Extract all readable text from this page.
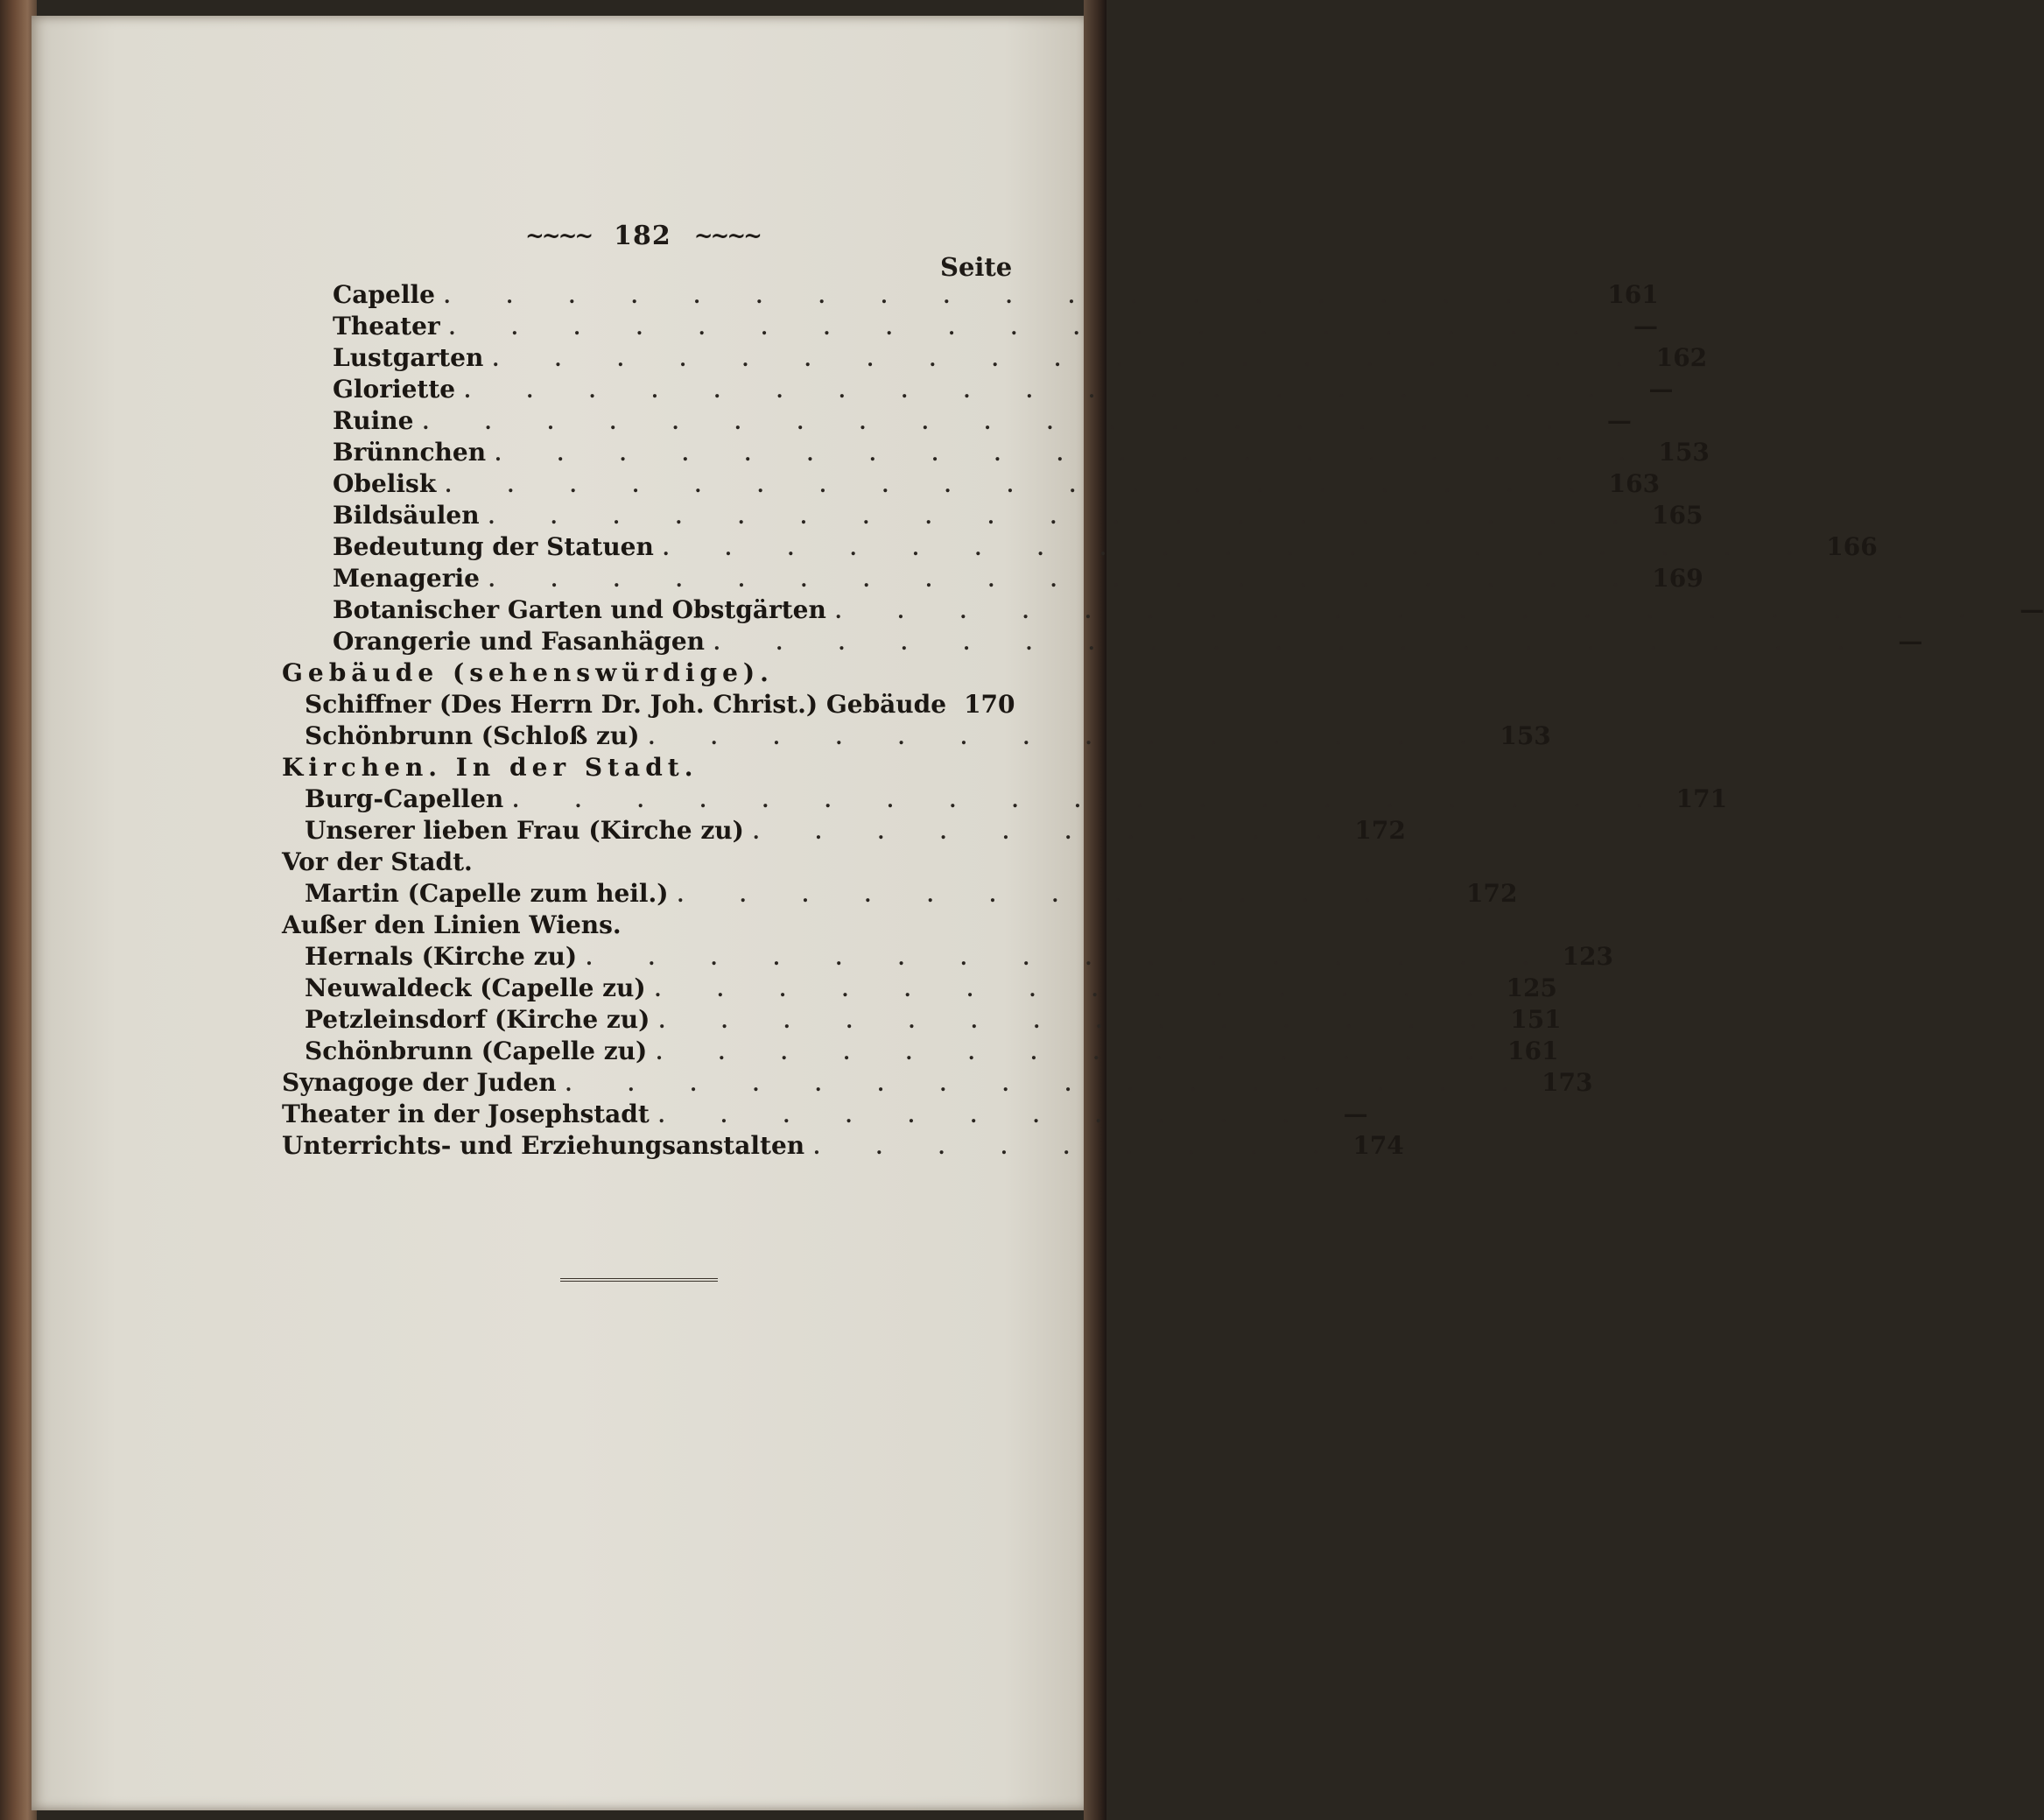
~~~~ 182 ~~~~
Seite
Capelle . . . . . . . . . . . . . . . . . . . 161
Theater . . . . . . . . . . . . . . . . . . .	—
Lustgarten . . . . . . . . . . . . . . . . . . . 162
Gloriette . . . . . . . . . . . . . . . . . . .	—
Ruine . . . . . . . . . . . . . . . . . . .	—
Brünnchen . . . . . . . . . . . . . . . . . . . 153
Obelisk . . . . . . . . . . . . . . . . . . . 163
Bildsäulen . . . . . . . . . . . . . . . . . . . 165
Bedeutung der Statuen . . . . . . . . . . . . . . . . . . . 166
Menagerie . . . . . . . . . . . . . . . . . . . 169
Botanischer Garten und Obstgärten . . . . . . . . . . . . . . . . . . .	—
Orangerie und Fasanhägen . . . . . . . . . . . . . . . . . . .	—
Gebäude (sehenswürdige).
Schiffner (Des Herrn Dr. Joh. Christ.) Gebäude 170
Schönbrunn (Schloß zu) . . . . . . . . . . . . . . 153
Kirchen. In der Stadt.
Burg-Capellen . . . . . . . . . . . . . . . . . . . 171
Unserer lieben Frau (Kirche zu) . . . . . . . . . . 172
Vor der Stadt.
Martin (Capelle zum heil.) . . . . . . . . . . . . . 172
Außer den Linien Wiens.
Hernals (Kirche zu) . . . . . . . . . . . . . . . . 123
Neuwaldeck (Capelle zu) . . . . . . . . . . . . . . 125
Petzleinsdorf (Kirche zu) . . . . . . . . . . . . . . 151
Schönbrunn (Capelle zu) . . . . . . . . . . . . . . 161
Synagoge der Juden . . . . . . . . . . . . . . . . 173
Theater in der Josephstadt . . . . . . . . . . .	—
Unterrichts- und Erziehungsanstalten . . . . . . . . . 174
